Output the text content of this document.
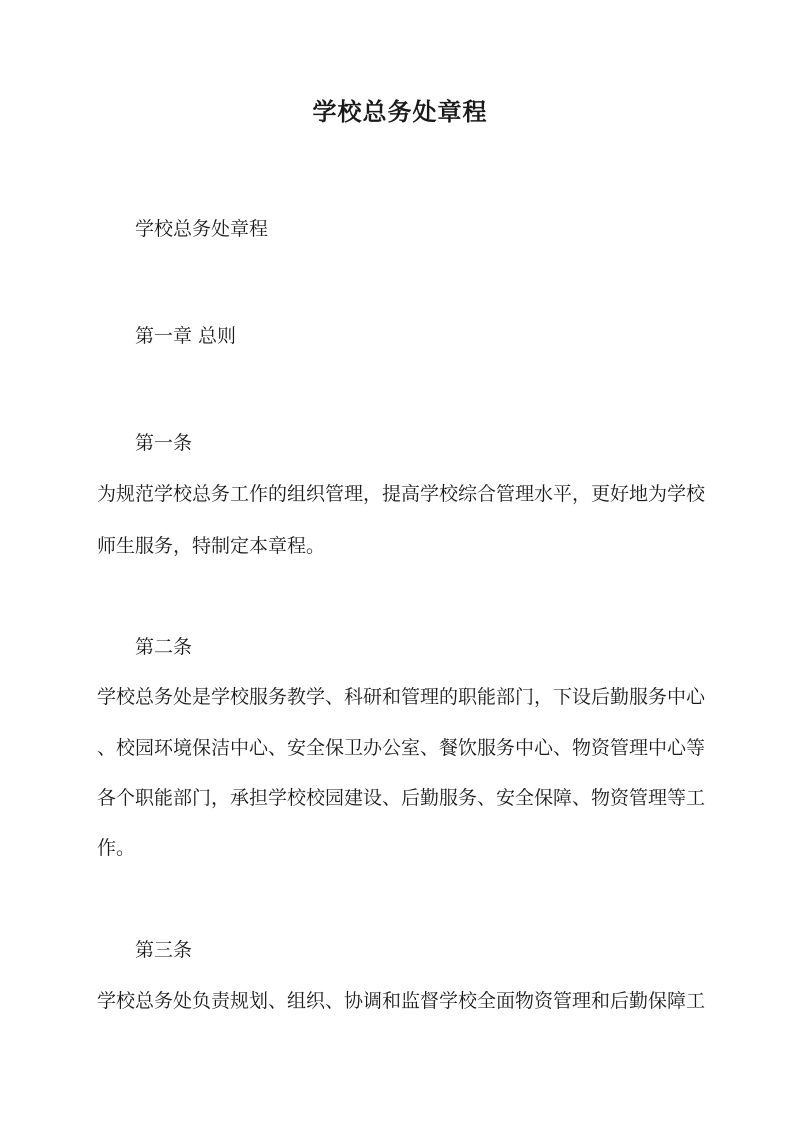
学校总务处章程
学校总务处章程
第一章 总则
第一条
为规范学校总务工作的组织管理，提高学校综合管理水平，更好地为学校
师生服务，特制定本章程。
第二条
学校总务处是学校服务教学、科研和管理的职能部门，下设后勤服务中心
、校园环境保洁中心、安全保卫办公室、餐饮服务中心、物资管理中心等
各个职能部门，承担学校校园建设、后勤服务、安全保障、物资管理等工
作。
第三条
学校总务处负责规划、组织、协调和监督学校全面物资管理和后勤保障工
